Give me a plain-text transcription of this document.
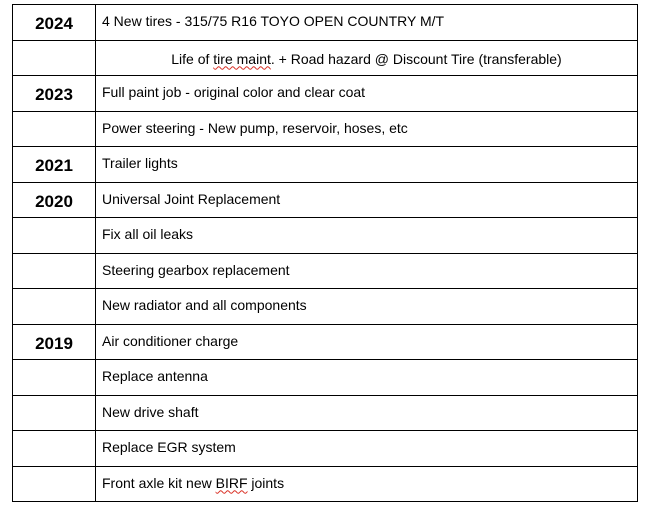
2024	4 New tires - 315/75 R16 TOYO OPEN COUNTRY M/T
	Life of tire maint. + Road hazard @ Discount Tire (transferable)
2023	Full paint job - original color and clear coat
	Power steering - New pump, reservoir, hoses, etc
2021	Trailer lights
2020	Universal Joint Replacement
	Fix all oil leaks
	Steering gearbox replacement
	New radiator and all components
2019	Air conditioner charge
	Replace antenna
	New drive shaft
	Replace EGR system
	Front axle kit new BIRF joints
